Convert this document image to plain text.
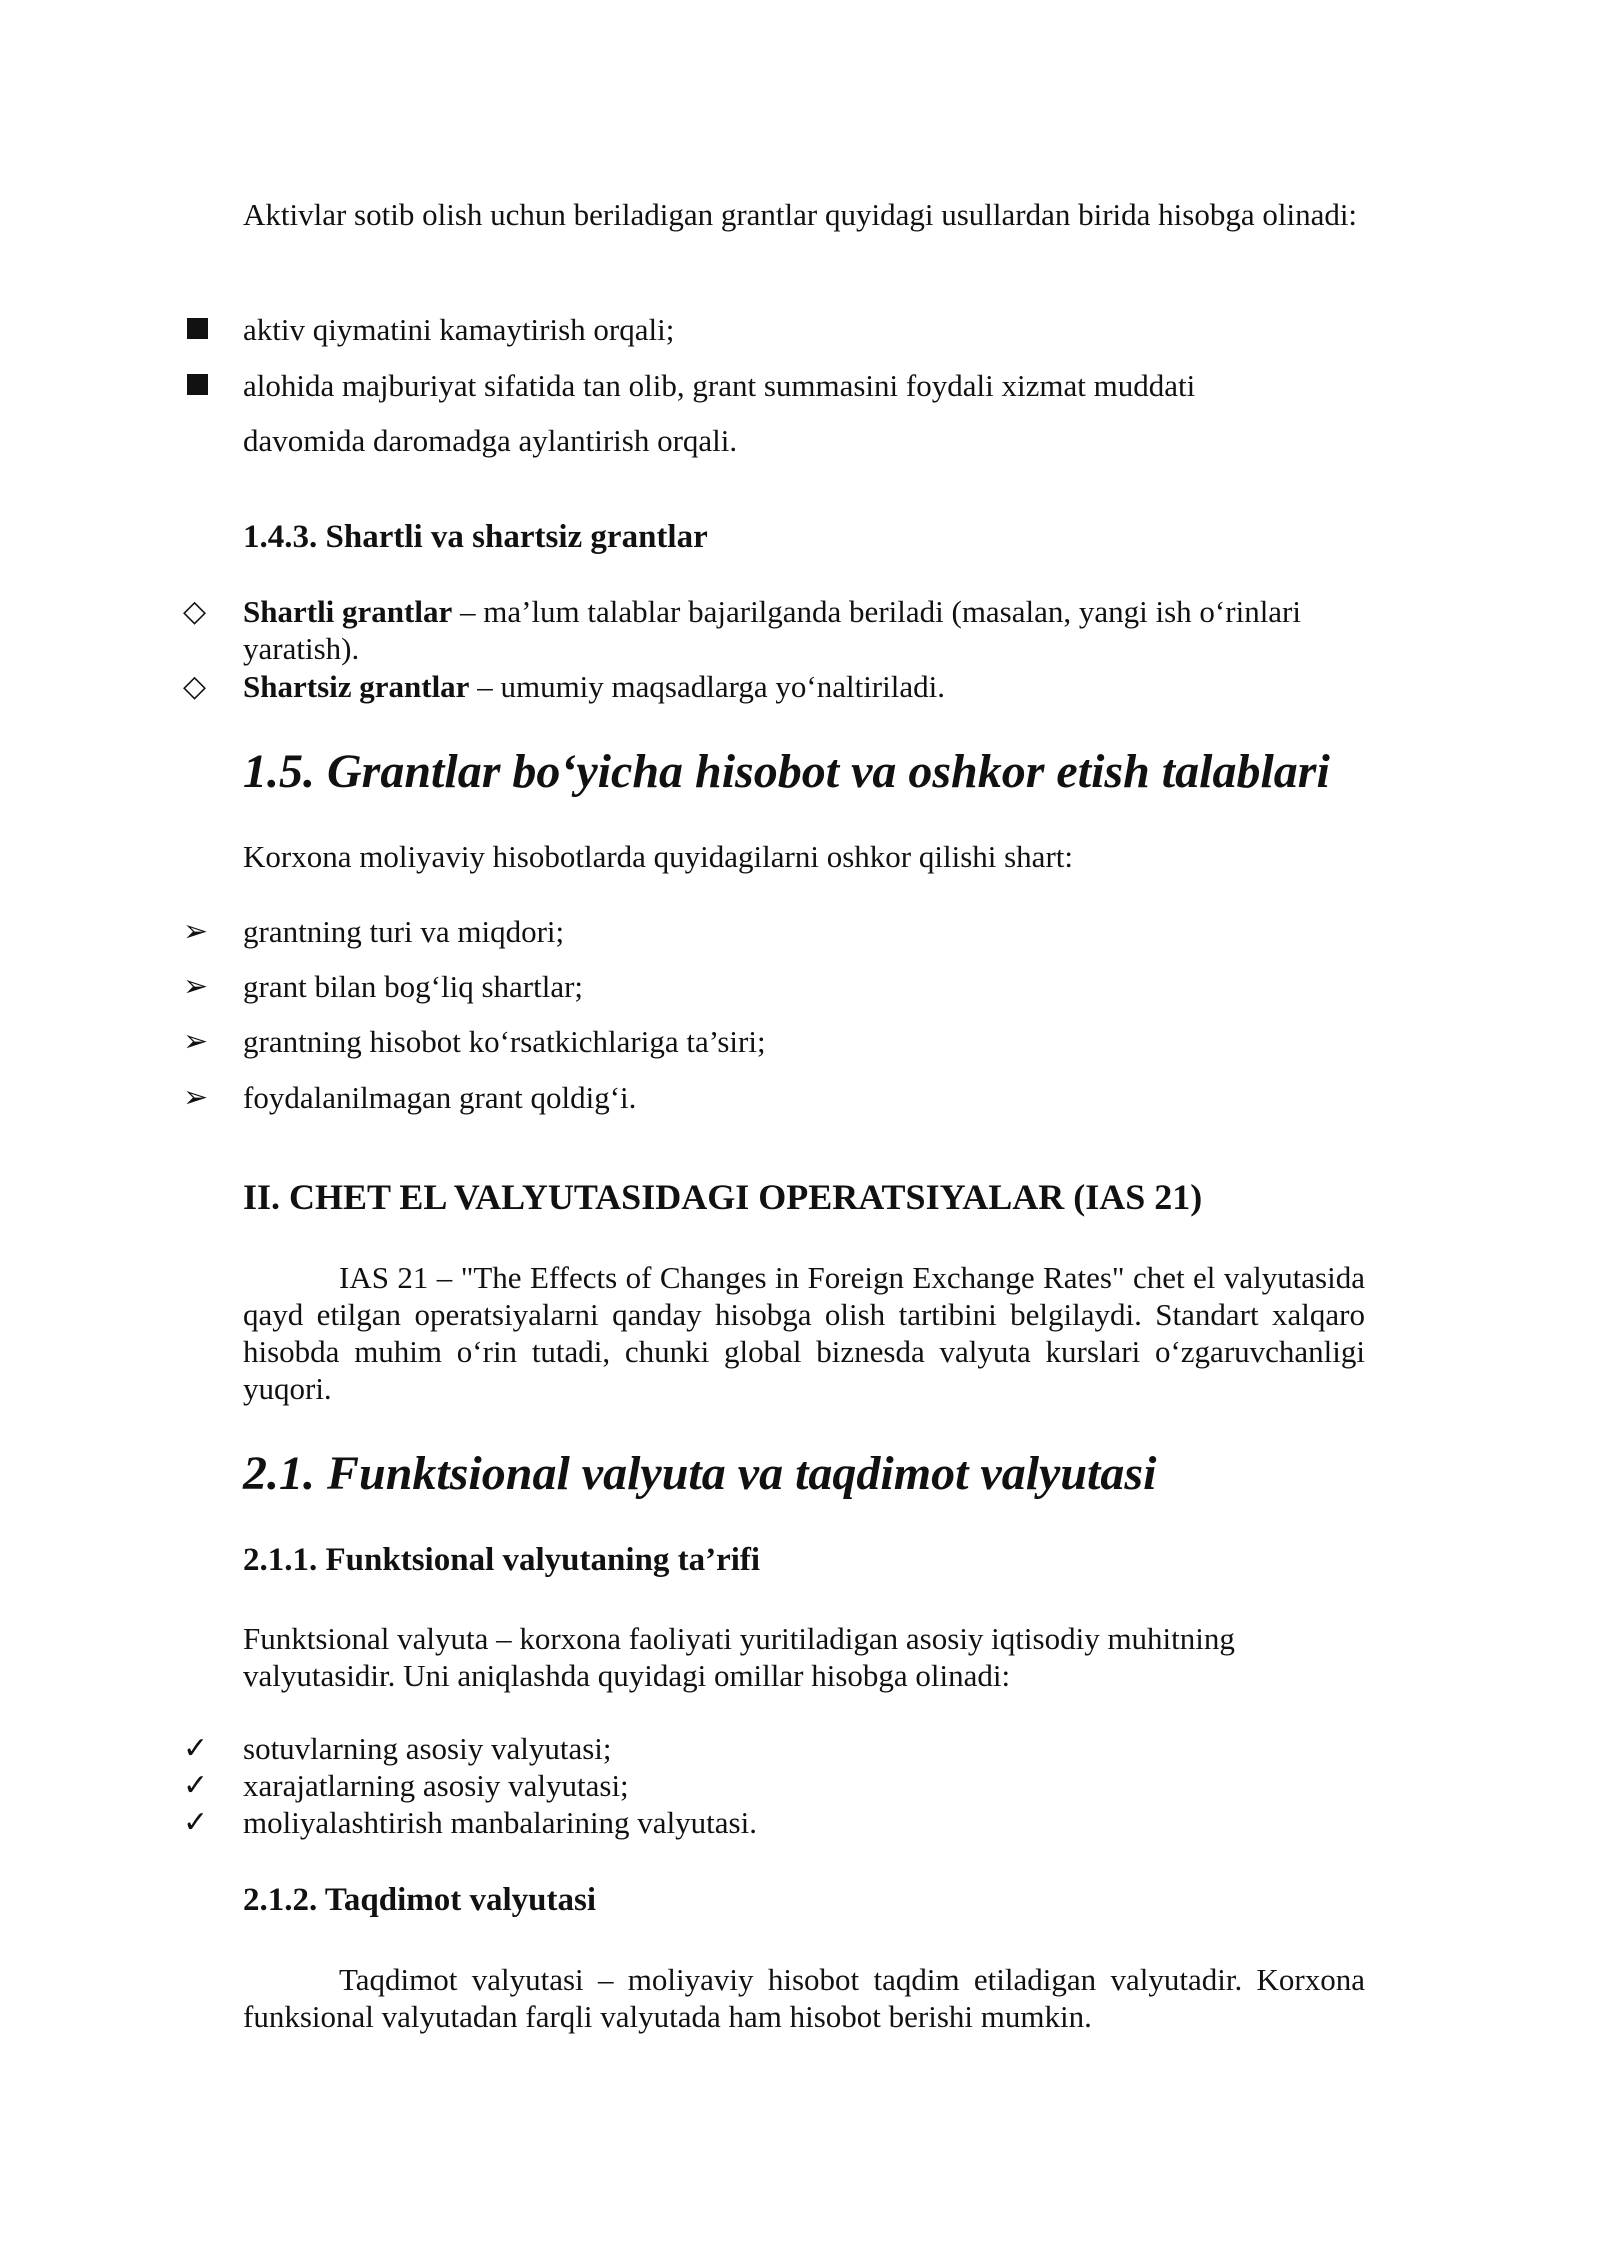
Aktivlar sotib olish uchun beriladigan grantlar quyidagi usullardan birida hisobga olinadi:

aktiv qiymatini kamaytirish orqali;

alohida majburiyat sifatida tan olib, grant summasini foydali xizmat muddati

davomida daromadga aylantirish orqali.

1.4.3. Shartli va shartsiz grantlar
◇ Shartli grantlar – ma’lum talablar bajarilganda beriladi (masalan, yangi ish o‘rinlari yaratish).

◇ Shartsiz grantlar – umumiy maqsadlarga yo‘naltiriladi.

1.5. Grantlar bo‘yicha hisobot va oshkor etish talablari

Korxona moliyaviy hisobotlarda quyidagilarni oshkor qilishi shart:

➢ grantning turi va miqdori;

➢ grant bilan bog‘liq shartlar;

➢ grantning hisobot ko‘rsatkichlariga ta’siri;

➢ foydalanilmagan grant qoldig‘i.

II. CHET EL VALYUTASIDAGI OPERATSIYALAR (IAS 21)

IAS 21 – "The Effects of Changes in Foreign Exchange Rates" chet el valyutasida qayd etilgan operatsiyalarni qanday hisobga olish tartibini belgilaydi. Standart xalqaro hisobda muhim o‘rin tutadi, chunki global biznesda valyuta kurslari o‘zgaruvchanligi yuqori.

2.1. Funktsional valyuta va taqdimot valyutasi
2.1.1. Funktsional valyutaning ta’rifi

Funktsional valyuta – korxona faoliyati yuritiladigan asosiy iqtisodiy muhitning valyutasidir. Uni aniqlashda quyidagi omillar hisobga olinadi:

✓ sotuvlarning asosiy valyutasi;

✓ xarajatlarning asosiy valyutasi;

✓ moliyalashtirish manbalarining valyutasi.

2.1.2. Taqdimot valyutasi

Taqdimot valyutasi – moliyaviy hisobot taqdim etiladigan valyutadir. Korxona funksional valyutadan farqli valyutada ham hisobot berishi mumkin.
